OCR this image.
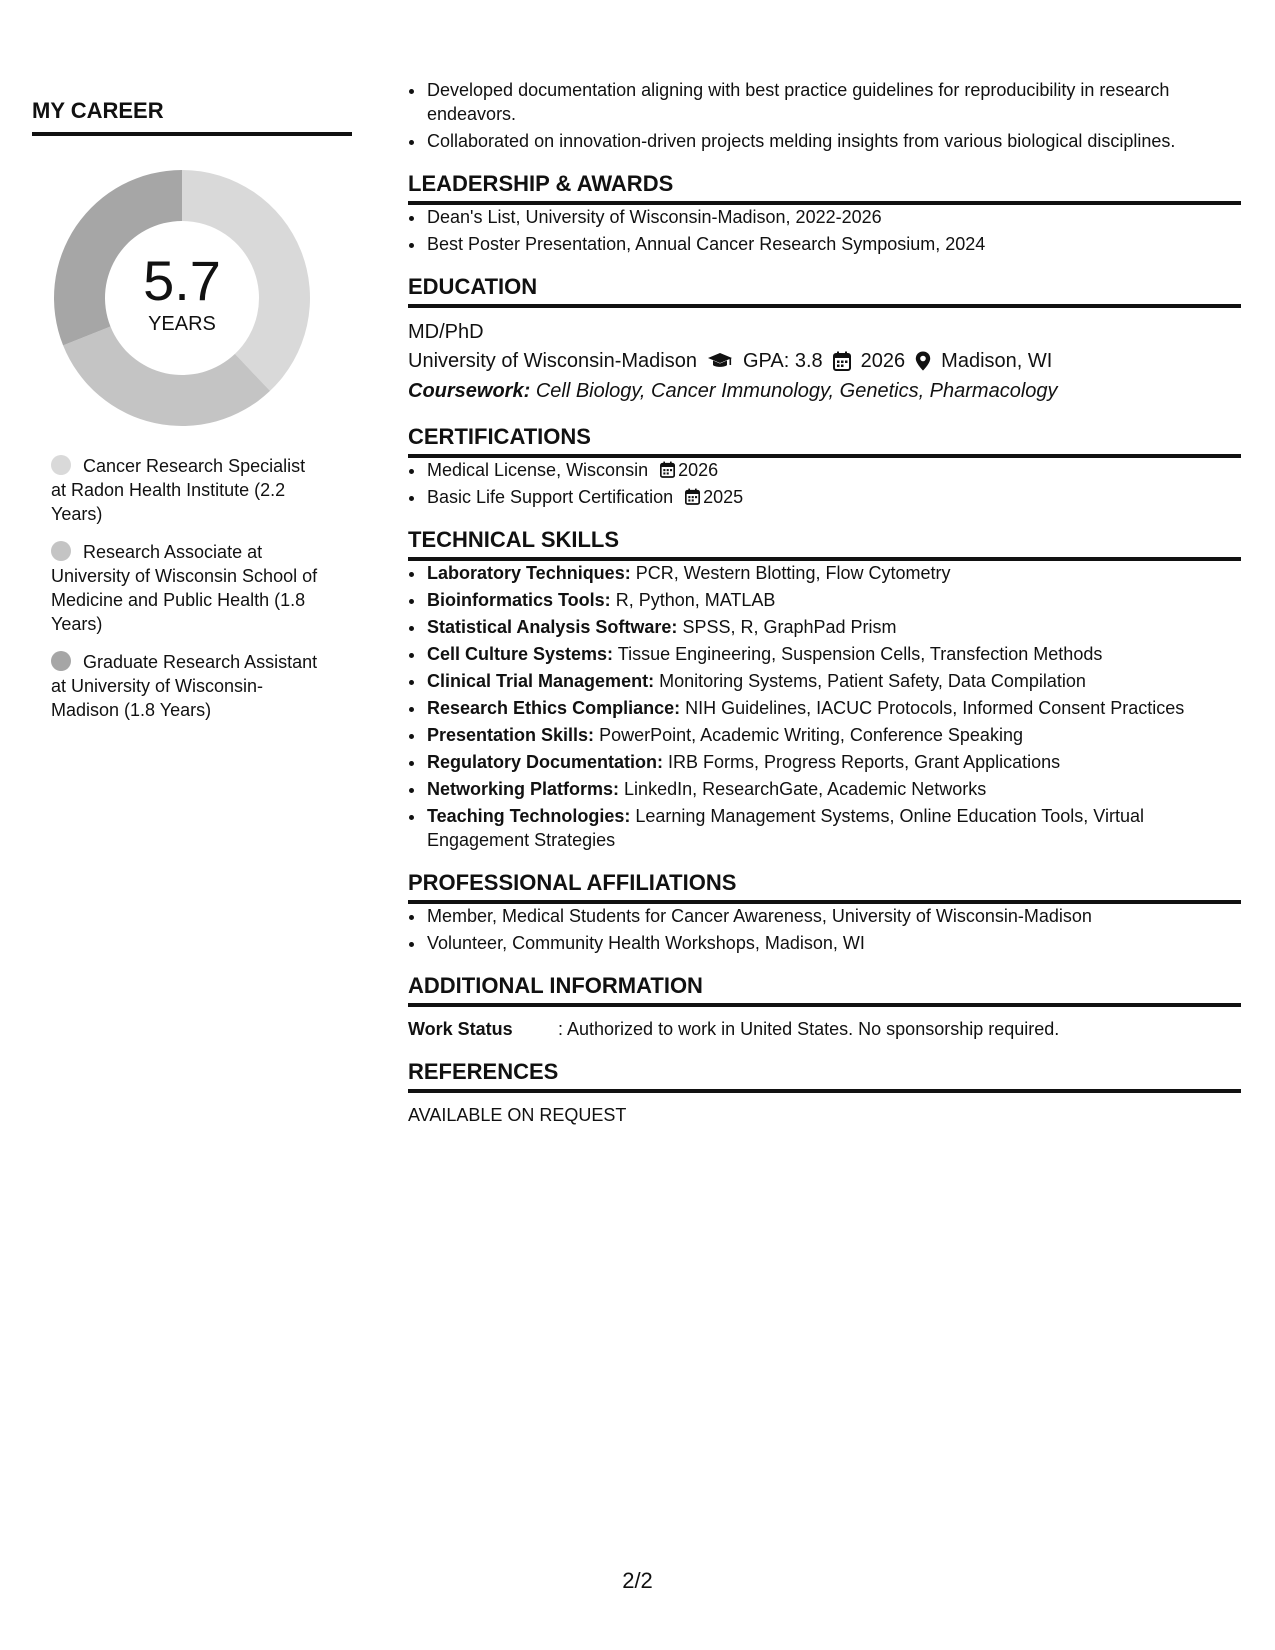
MY CAREER
5.7
YEARS
Cancer Research Specialist at Radon Health Institute (2.2 Years)
Research Associate at University of Wisconsin School of Medicine and Public Health (1.8 Years)
Graduate Research Assistant at University of Wisconsin-Madison (1.8 Years)
• Developed documentation aligning with best practice guidelines for reproducibility in research endeavors.
• Collaborated on innovation-driven projects melding insights from various biological disciplines.
LEADERSHIP & AWARDS
• Dean's List, University of Wisconsin-Madison, 2022-2026
• Best Poster Presentation, Annual Cancer Research Symposium, 2024
EDUCATION
MD/PhD
University of Wisconsin-Madison GPA: 3.8 2026 Madison, WI
Coursework: Cell Biology, Cancer Immunology, Genetics, Pharmacology
CERTIFICATIONS
• Medical License, Wisconsin 2026
• Basic Life Support Certification 2025
TECHNICAL SKILLS
• Laboratory Techniques: PCR, Western Blotting, Flow Cytometry
• Bioinformatics Tools: R, Python, MATLAB
• Statistical Analysis Software: SPSS, R, GraphPad Prism
• Cell Culture Systems: Tissue Engineering, Suspension Cells, Transfection Methods
• Clinical Trial Management: Monitoring Systems, Patient Safety, Data Compilation
• Research Ethics Compliance: NIH Guidelines, IACUC Protocols, Informed Consent Practices
• Presentation Skills: PowerPoint, Academic Writing, Conference Speaking
• Regulatory Documentation: IRB Forms, Progress Reports, Grant Applications
• Networking Platforms: LinkedIn, ResearchGate, Academic Networks
• Teaching Technologies: Learning Management Systems, Online Education Tools, Virtual Engagement Strategies
PROFESSIONAL AFFILIATIONS
• Member, Medical Students for Cancer Awareness, University of Wisconsin-Madison
• Volunteer, Community Health Workshops, Madison, WI
ADDITIONAL INFORMATION
Work Status	: Authorized to work in United States. No sponsorship required.
REFERENCES
AVAILABLE ON REQUEST
2/2
